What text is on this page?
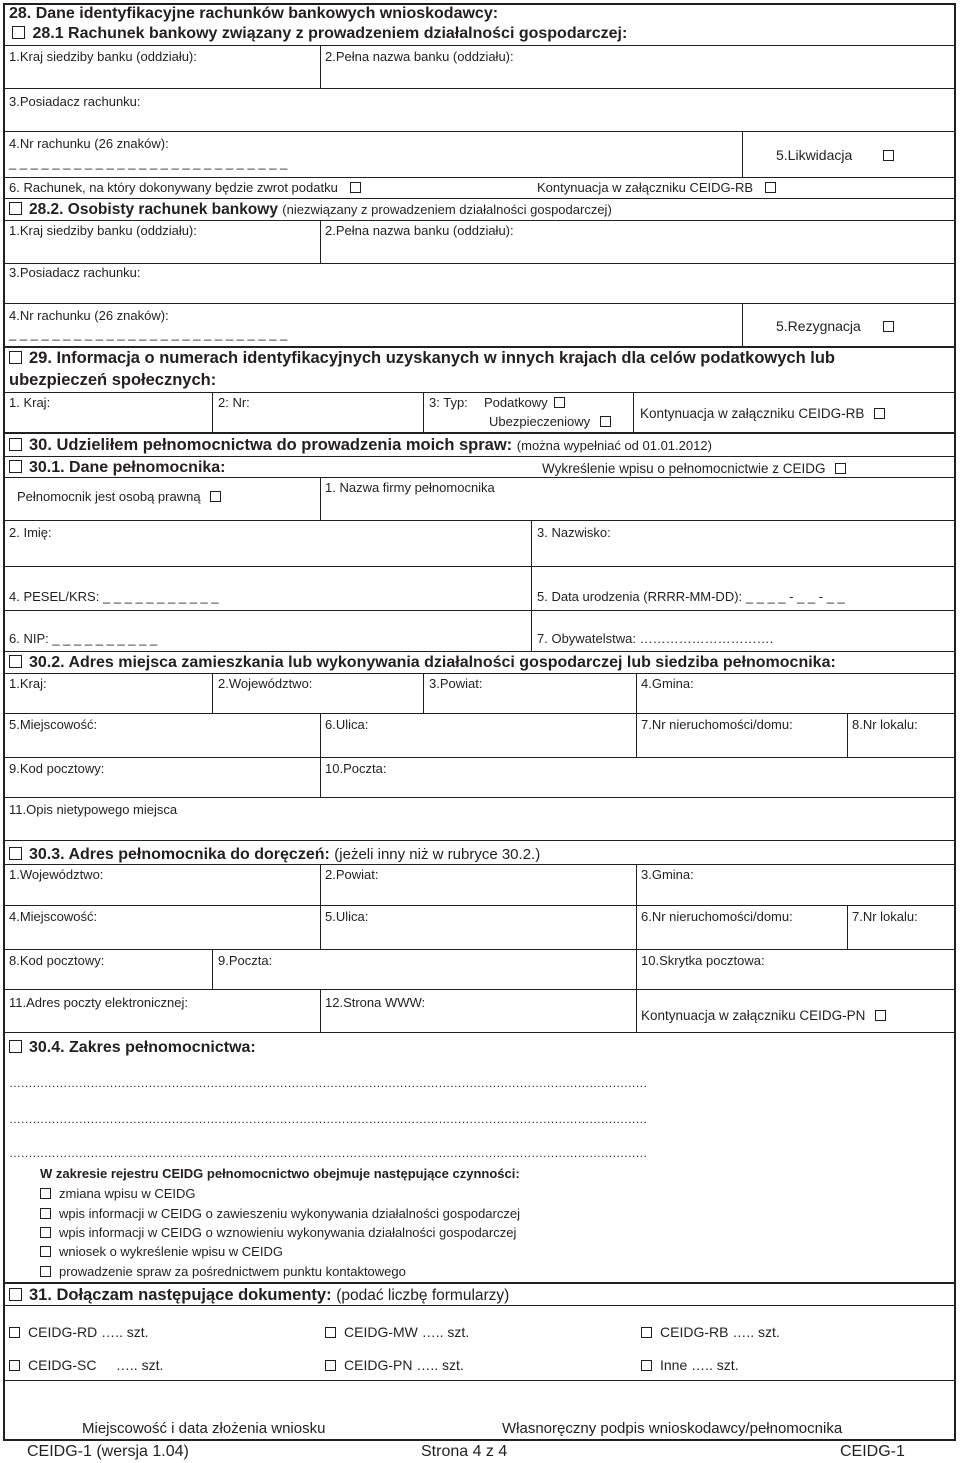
28. Dane identyfikacyjne rachunków bankowych wnioskodawcy:
28.1 Rachunek bankowy związany z prowadzeniem działalności gospodarczej:
1.Kraj siedziby banku (oddziału):	2.Pełna nazwa banku (oddziału):
3.Posiadacz rachunku:
4.Nr rachunku (26 znaków):
_ _ _ _ _ _ _ _ _ _ _ _ _ _ _ _ _ _ _ _ _ _ _ _ _ _	5.Likwidacja
6. Rachunek, na który dokonywany będzie zwrot podatku	Kontynuacja w załączniku CEIDG-RB
28.2. Osobisty rachunek bankowy (niezwiązany z prowadzeniem działalności gospodarczej)
1.Kraj siedziby banku (oddziału):	2.Pełna nazwa banku (oddziału):
3.Posiadacz rachunku:
4.Nr rachunku (26 znaków):
_ _ _ _ _ _ _ _ _ _ _ _ _ _ _ _ _ _ _ _ _ _ _ _ _ _	5.Rezygnacja
29. Informacja o numerach identyfikacyjnych uzyskanych w innych krajach dla celów podatkowych lub
ubezpieczeń społecznych:
1. Kraj:	2: Nr:	3: Typ: Podatkowy
Ubezpieczeniowy
Kontynuacja w załączniku CEIDG-RB
30. Udzieliłem pełnomocnictwa do prowadzenia moich spraw: (można wypełniać od 01.01.2012)
30.1. Dane pełnomocnika:	Wykreślenie wpisu o pełnomocnictwie z CEIDG
Pełnomocnik jest osobą prawną
1. Nazwa firmy pełnomocnika
2. Imię:	3. Nazwisko:
4. PESEL/KRS: _ _ _ _ _ _ _ _ _ _ _	5. Data urodzenia (RRRR-MM-DD): _ _ _ _ - _ _ - _ _
6. NIP: _ _ _ _ _ _ _ _ _ _	7. Obywatelstwa: ………………………….
30.2. Adres miejsca zamieszkania lub wykonywania działalności gospodarczej lub siedziba pełnomocnika:
1.Kraj:	2.Województwo:	3.Powiat:	4.Gmina:
5.Miejscowość:	6.Ulica:	7.Nr nieruchomości/domu:	8.Nr lokalu:
9.Kod pocztowy:	10.Poczta:
11.Opis nietypowego miejsca
30.3. Adres pełnomocnika do doręczeń: (jeżeli inny niż w rubryce 30.2.)
1.Województwo:	2.Powiat:	3.Gmina:
4.Miejscowość:	5.Ulica:	6.Nr nieruchomości/domu:	7.Nr lokalu:
8.Kod pocztowy:	9.Poczta:	10.Skrytka pocztowa:
11.Adres poczty elektronicznej:	12.Strona WWW:
Kontynuacja w załączniku CEIDG-PN
30.4. Zakres pełnomocnictwa:
…………………………………………………………………………………………………………………………………………………
…………………………………………………………………………………………………………………………………………………
…………………………………………………………………………………………………………………………………………………
W zakresie rejestru CEIDG pełnomocnictwo obejmuje następujące czynności:
zmiana wpisu w CEIDG
wpis informacji w CEIDG o zawieszeniu wykonywania działalności gospodarczej
wpis informacji w CEIDG o wznowieniu wykonywania działalności gospodarczej
wniosek o wykreślenie wpisu w CEIDG
prowadzenie spraw za pośrednictwem punktu kontaktowego
31. Dołączam następujące dokumenty: (podać liczbę formularzy)
CEIDG-RD ….. szt.	CEIDG-MW ….. szt.	CEIDG-RB ….. szt.
CEIDG-SC     ….. szt.	CEIDG-PN ….. szt.	Inne ….. szt.
Miejscowość i data złożenia wniosku	Własnoręczny podpis wnioskodawcy/pełnomocnika
CEIDG-1 (wersja 1.04)	Strona 4 z 4	CEIDG-1
